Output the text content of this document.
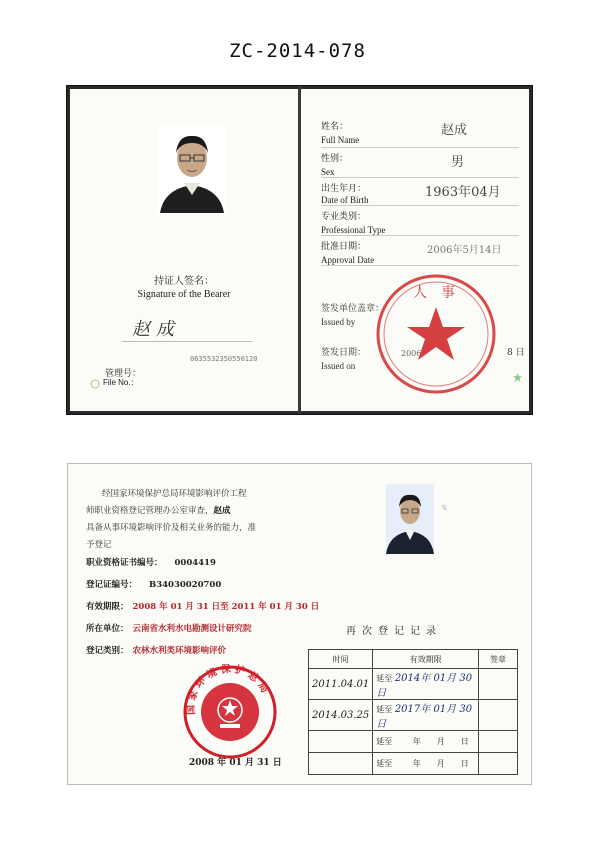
ZC-2014-078
持证人签名：
Signature of the Bearer
赵成
0635532350550120
管理号：
File No.：
姓名：
Full Name
赵成
性别：
Sex
男
出生年月：
Date of Birth	1963年04月
专业类别：
Professional Type
批准日期：
Approval Date
2006年5月14日
人　事
签发单位盖章：
Issued by
签发日期：
Issued on
2006	8 日
经国家环境保护总局环境影响评价工程
师职业资格登记管理办公室审查，赵成
具备从事环境影响评价及相关业务的能力，准
予登记
✎
职业资格证书编号： 0004419
登记证编号： B34030020700
有效期限： 2008 年 01 月 31 日至 2011 年 01 月 30 日
所在单位： 云南省水利水电勘测设计研究院
登记类别： 农林水利类环境影响评价
国 家 环 境 保 护 总 局
2008 年 01 月 31 日
再次登记记录
时间	有效期限	签章
2011.04.01	延至 2014年 01月 30日	
2014.03.25	延至 2017年 01月 30日	
	延至 年　　月　　日	
	延至 年　　月　　日	
